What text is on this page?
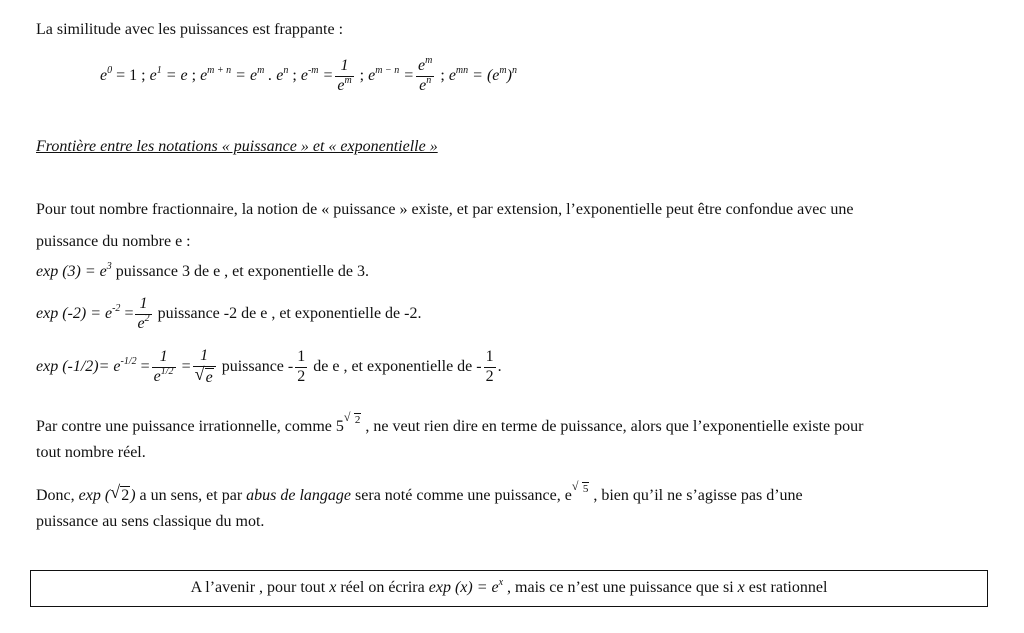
La similitude avec les puissances est frappante :
$e^0 = 1$ ; $e^1 = e$ ; $e^{m + n} = e^m$ . $e^n$ ; $e^{-m} = \frac{1}{e^m}$ ; $e^{m - n} = \frac{e^m}{e^n}$ ; $e^{mn} = (e^m)^n$
Frontière entre les notations « puissance » et « exponentielle »
Pour tout nombre fractionnaire, la notion de « puissance » existe, et par extension, l’exponentielle peut être confondue avec une
puissance du nombre e :
$\exp (3) = e^3$ puissance 3 de e , et exponentielle de 3.
$\exp (-2) = e^{-2} = \frac{1}{e^2}$ puissance -2 de e , et exponentielle de -2.
$\exp (-1/2)= e^{-1/2} = \frac{1}{e^{1/2}} = \frac{1}{√ e}$ puissance - $\frac{1}{2}$ de e , et exponentielle de - $\frac{1}{2}$ .
Par contre une puissance irrationnelle, comme 5
√ 2 , ne veut rien dire en terme de puissance, alors que l’exponentielle existe pour
tout nombre réel.
Donc, exp ( √ 2) a un sens, et par abus de langage sera noté comme une puissance, e
√ 5 , bien qu’il ne s’agisse pas d’une
puissance au sens classique du mot.
A l’avenir , pour tout x réel on écrira $\exp (x) = e^x$ , mais ce n’est une puissance que si x est rationnel
